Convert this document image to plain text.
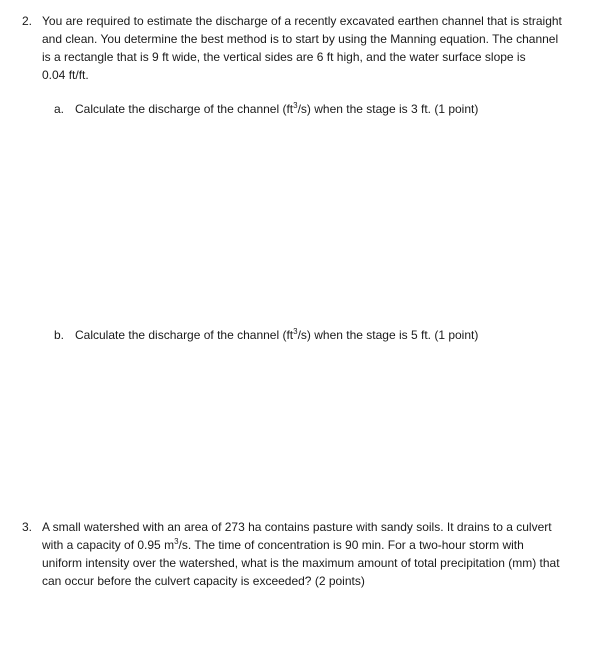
2. You are required to estimate the discharge of a recently excavated earthen channel that is straight
and clean. You determine the best method is to start by using the Manning equation. The channel
is a rectangle that is 9 ft wide, the vertical sides are 6 ft high, and the water surface slope is
0.04 ft/ft.
a. Calculate the discharge of the channel $(ft^3/s)$ when the stage is 3 ft. (1 point)
b. Calculate the discharge of the channel $(ft^3/s)$ when the stage is 5 ft. (1 point)
3. A small watershed with an area of 273 ha contains pasture with sandy soils. It drains to a culvert
with a capacity of 0.95 $m^3/s$. The time of concentration is 90 min. For a two-hour storm with
uniform intensity over the watershed, what is the maximum amount of total precipitation (mm) that
can occur before the culvert capacity is exceeded? (2 points)
